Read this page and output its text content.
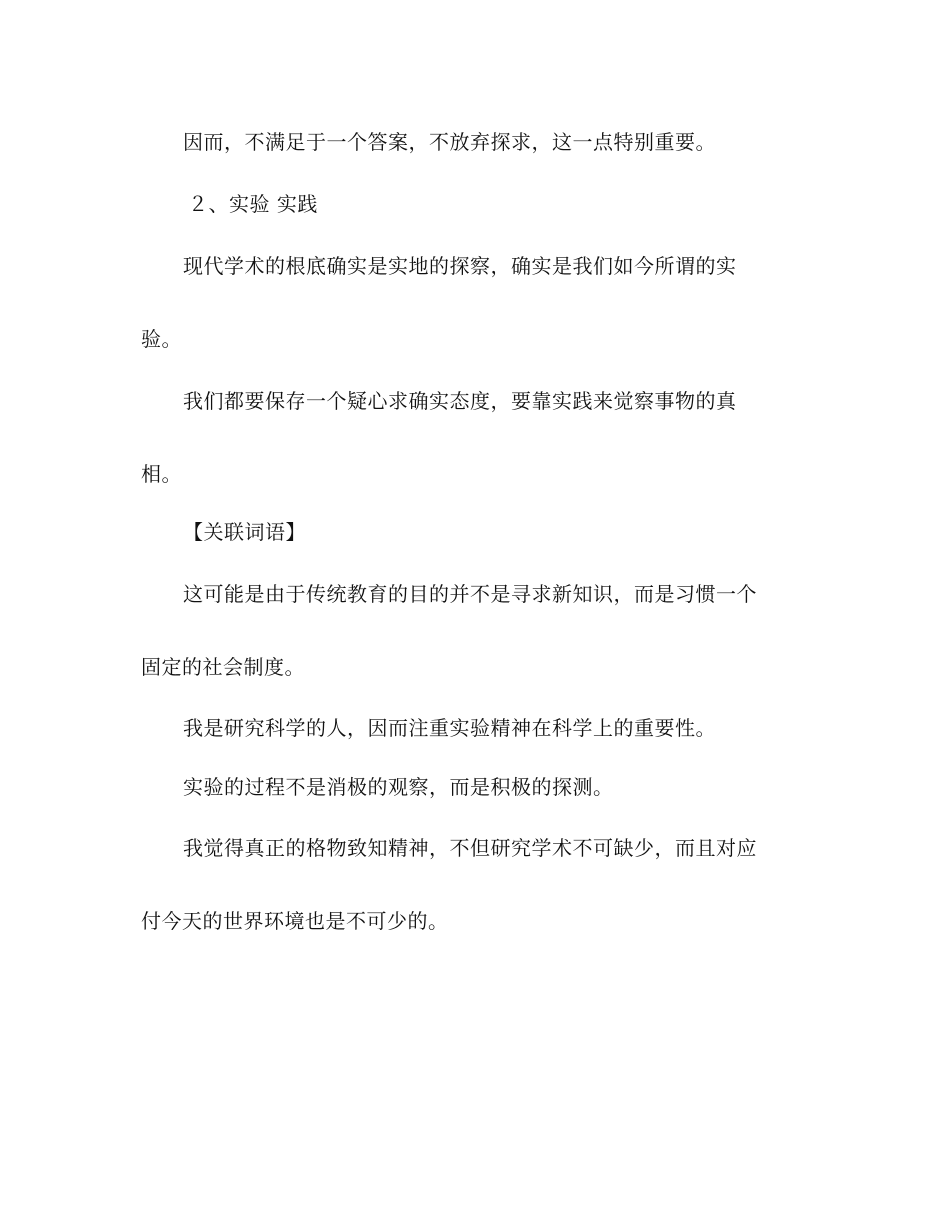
因而，不满足于一个答案，不放弃探求，这一点特别重要。
２、实验 实践
现代学术的根底确实是实地的探察，确实是我们如今所谓的实
验。
我们都要保存一个疑心求确实态度，要靠实践来觉察事物的真
相。
【关联词语】
这可能是由于传统教育的目的并不是寻求新知识，而是习惯一个
固定的社会制度。
我是研究科学的人，因而注重实验精神在科学上的重要性。
实验的过程不是消极的观察，而是积极的探测。
我觉得真正的格物致知精神，不但研究学术不可缺少，而且对应
付今天的世界环境也是不可少的。
